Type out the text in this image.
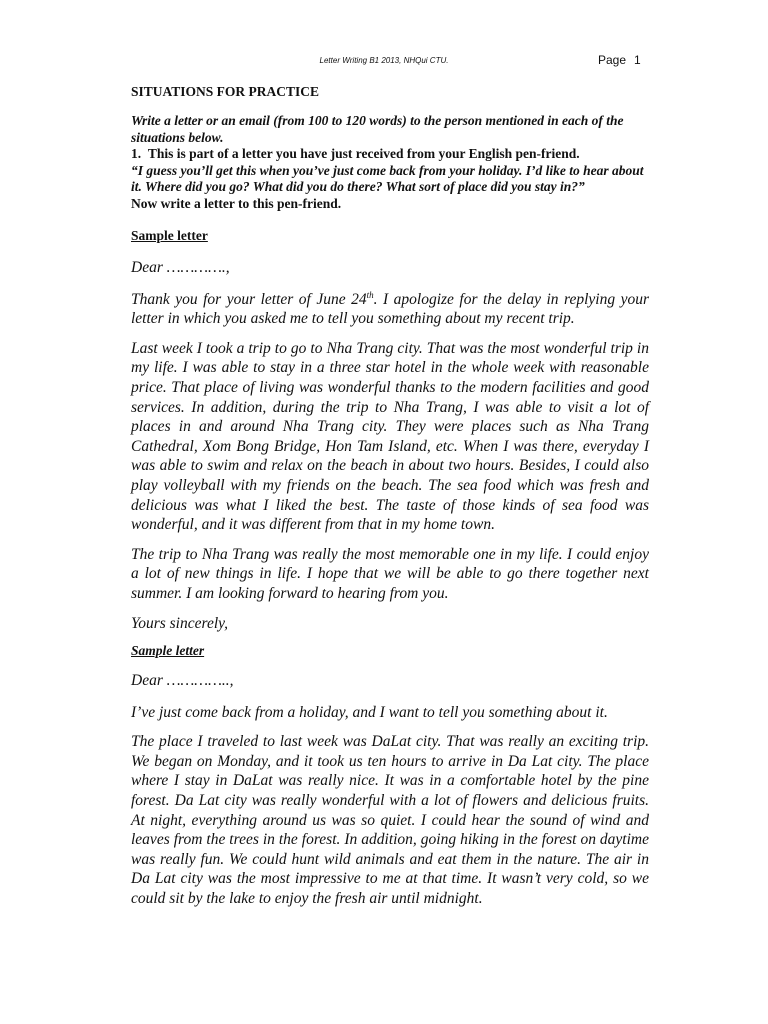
Letter Writing B1 2013, NHQui CTU.	Page 1
SITUATIONS FOR PRACTICE
Write a letter or an email (from 100 to 120 words) to the person mentioned in each of the situations below.
1. This is part of a letter you have just received from your English pen-friend.
“I guess you’ll get this when you’ve just come back from your holiday. I’d like to hear about it. Where did you go? What did you do there? What sort of place did you stay in?”
Now write a letter to this pen-friend.
Sample letter

Dear ………….,

Thank you for your letter of June 24th. I apologize for the delay in replying your letter in which you asked me to tell you something about my recent trip.

Last week I took a trip to go to Nha Trang city. That was the most wonderful trip in my life. I was able to stay in a three star hotel in the whole week with reasonable price. That place of living was wonderful thanks to the modern facilities and good services. In addition, during the trip to Nha Trang, I was able to visit a lot of places in and around Nha Trang city. They were places such as Nha Trang Cathedral, Xom Bong Bridge, Hon Tam Island, etc. When I was there, everyday I was able to swim and relax on the beach in about two hours. Besides, I could also play volleyball with my friends on the beach. The sea food which was fresh and delicious was what I liked the best. The taste of those kinds of sea food was wonderful, and it was different from that in my home town.

The trip to Nha Trang was really the most memorable one in my life. I could enjoy a lot of new things in life. I hope that we will be able to go there together next summer. I am looking forward to hearing from you.

Yours sincerely,

Sample letter

Dear …………..,

I’ve just come back from a holiday, and I want to tell you something about it.

The place I traveled to last week was DaLat city. That was really an exciting trip. We began on Monday, and it took us ten hours to arrive in Da Lat city. The place where I stay in DaLat was really nice. It was in a comfortable hotel by the pine forest. Da Lat city was really wonderful with a lot of flowers and delicious fruits. At night, everything around us was so quiet. I could hear the sound of wind and leaves from the trees in the forest. In addition, going hiking in the forest on daytime was really fun. We could hunt wild animals and eat them in the nature. The air in Da Lat city was the most impressive to me at that time. It wasn’t very cold, so we could sit by the lake to enjoy the fresh air until midnight.
